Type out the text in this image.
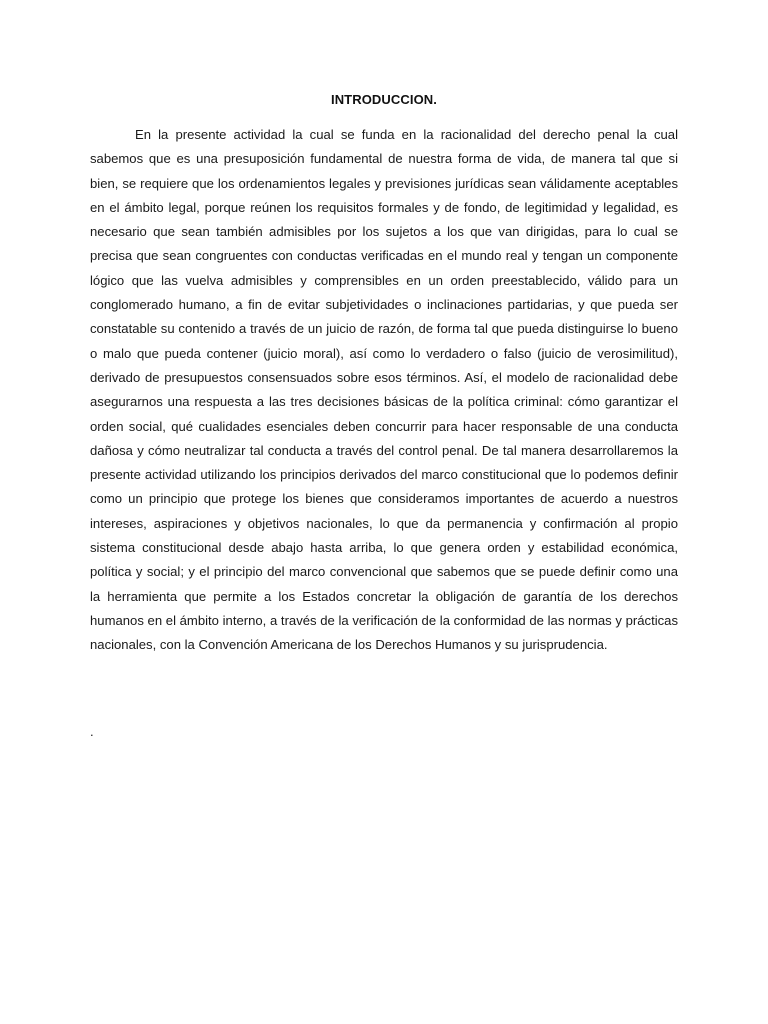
INTRODUCCION.

En la presente actividad la cual se funda en la racionalidad del derecho penal la cual sabemos que es una presuposición fundamental de nuestra forma de vida, de manera tal que si bien, se requiere que los ordenamientos legales y previsiones jurídicas sean válidamente aceptables en el ámbito legal, porque reúnen los requisitos formales y de fondo, de legitimidad y legalidad, es necesario que sean también admisibles por los sujetos a los que van dirigidas, para lo cual se precisa que sean congruentes con conductas verificadas en el mundo real y tengan un componente lógico que las vuelva admisibles y comprensibles en un orden preestablecido, válido para un conglomerado humano, a fin de evitar subjetividades o inclinaciones partidarias, y que pueda ser constatable su contenido a través de un juicio de razón, de forma tal que pueda distinguirse lo bueno o malo que pueda contener (juicio moral), así como lo verdadero o falso (juicio de verosimilitud), derivado de presupuestos consensuados sobre esos términos. Así, el modelo de racionalidad debe asegurarnos una respuesta a las tres decisiones básicas de la política criminal: cómo garantizar el orden social, qué cualidades esenciales deben concurrir para hacer responsable de una conducta dañosa y cómo neutralizar tal conducta a través del control penal. De tal manera desarrollaremos la presente actividad utilizando los principios derivados del marco constitucional que lo podemos definir como un principio que protege los bienes que consideramos importantes de acuerdo a nuestros intereses, aspiraciones y objetivos nacionales, lo que da permanencia y confirmación al propio sistema constitucional desde abajo hasta arriba, lo que genera orden y estabilidad económica, política y social; y el principio del marco convencional que sabemos que se puede definir como una la herramienta que permite a los Estados concretar la obligación de garantía de los derechos humanos en el ámbito interno, a través de la verificación de la conformidad de las normas y prácticas nacionales, con la Convención Americana de los Derechos Humanos y su jurisprudencia.

.
